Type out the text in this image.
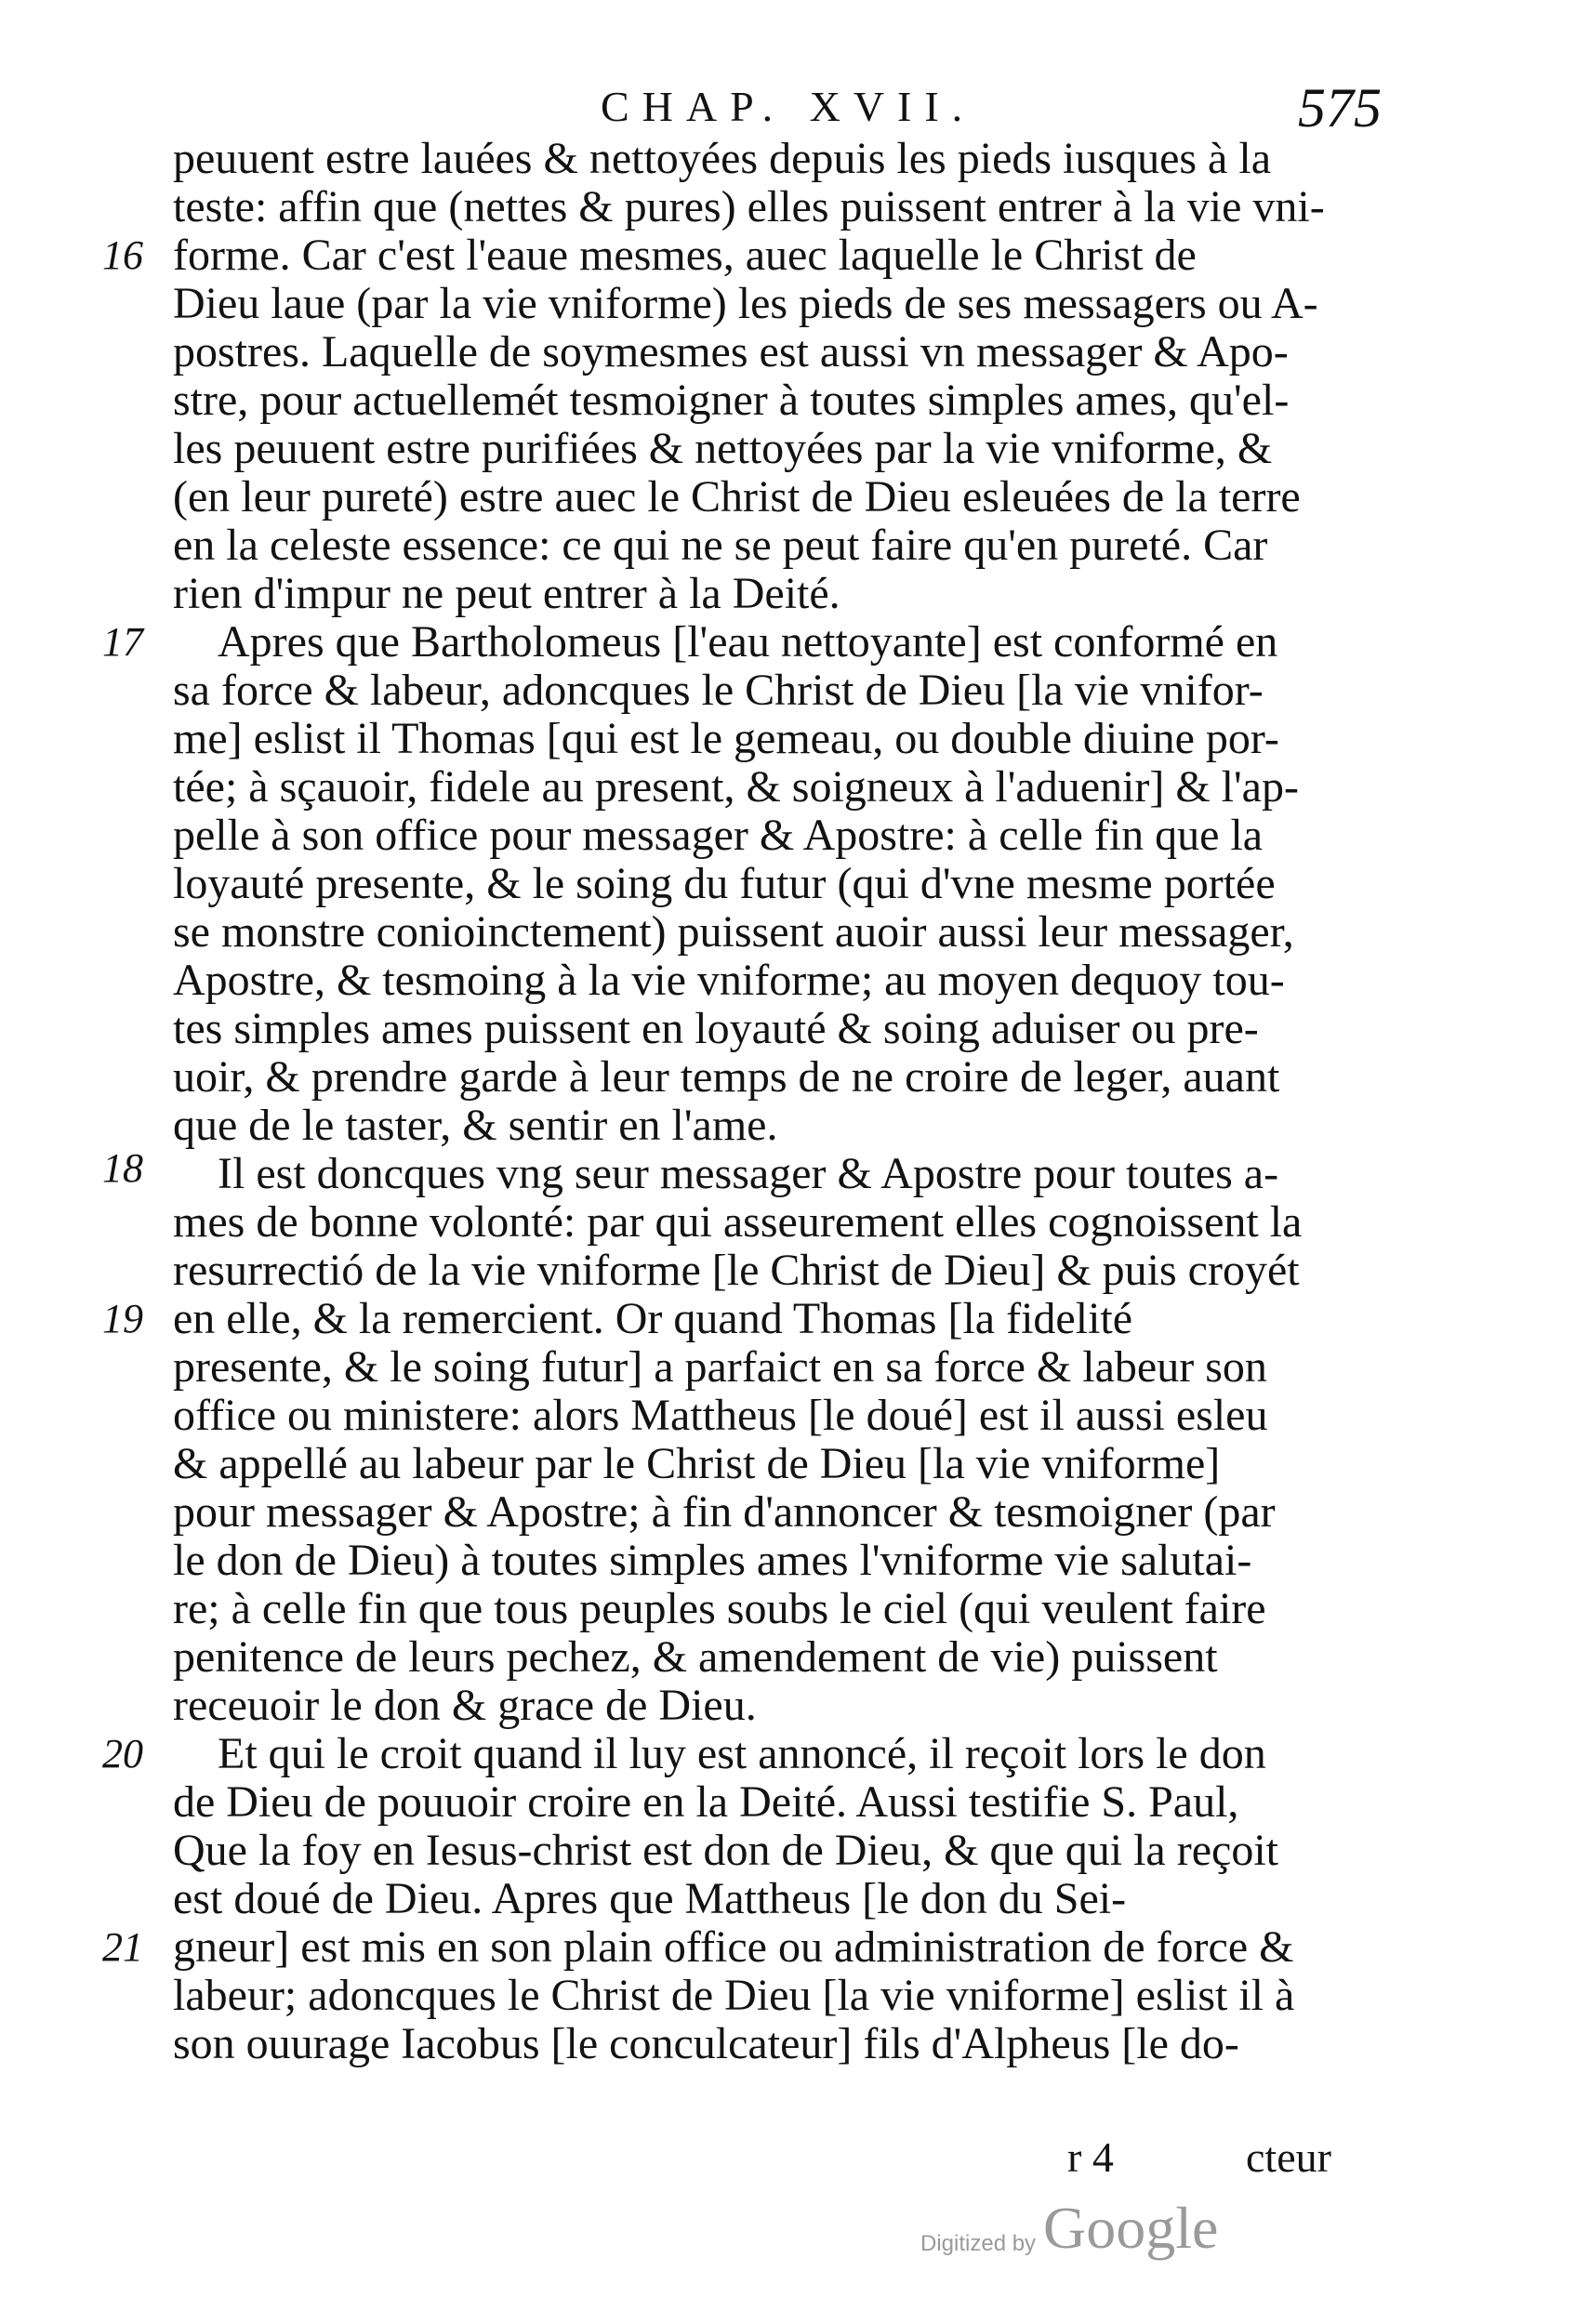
CHAP. XVII.	575
peuuent estre lauées & nettoyées depuis les pieds iusques à la
teste: affin que (nettes & pures) elles puissent entrer à la vie vni-
forme. Car c'est l'eaue mesmes, auec laquelle le Christ de
Dieu laue (par la vie vniforme) les pieds de ses messagers ou A-
postres. Laquelle de soymesmes est aussi vn messager & Apo-
stre, pour actuellemét tesmoigner à toutes simples ames, qu'el-
les peuuent estre purifiées & nettoyées par la vie vniforme, &
(en leur pureté) estre auec le Christ de Dieu esleuées de la terre
en la celeste essence: ce qui ne se peut faire qu'en pureté. Car
rien d'impur ne peut entrer à la Deité.
Apres que Bartholomeus [l'eau nettoyante] est conformé en
sa force & labeur, adoncques le Christ de Dieu [la vie vnifor-
me] eslist il Thomas [qui est le gemeau, ou double diuine por-
tée; à sçauoir, fidele au present, & soigneux à l'aduenir] & l'ap-
pelle à son office pour messager & Apostre: à celle fin que la
loyauté presente, & le soing du futur (qui d'vne mesme portée
se monstre conioinctement) puissent auoir aussi leur messager,
Apostre, & tesmoing à la vie vniforme; au moyen dequoy tou-
tes simples ames puissent en loyauté & soing aduiser ou pre-
uoir, & prendre garde à leur temps de ne croire de leger, auant
que de le taster, & sentir en l'ame.
Il est doncques vng seur messager & Apostre pour toutes a-
mes de bonne volonté: par qui asseurement elles cognoissent la
resurrectió de la vie vniforme [le Christ de Dieu] & puis croyét
en elle, & la remercient. Or quand Thomas [la fidelité
presente, & le soing futur] a parfaict en sa force & labeur son
office ou ministere: alors Mattheus [le doué] est il aussi esleu
& appellé au labeur par le Christ de Dieu [la vie vniforme]
pour messager & Apostre; à fin d'annoncer & tesmoigner (par
le don de Dieu) à toutes simples ames l'vniforme vie salutai-
re; à celle fin que tous peuples soubs le ciel (qui veulent faire
penitence de leurs pechez, & amendement de vie) puissent
receuoir le don & grace de Dieu.
Et qui le croit quand il luy est annoncé, il reçoit lors le don
de Dieu de pouuoir croire en la Deité. Aussi testifie S. Paul,
Que la foy en Iesus-christ est don de Dieu, & que qui la reçoit
est doué de Dieu. Apres que Mattheus [le don du Sei-
gneur] est mis en son plain office ou administration de force &
labeur; adoncques le Christ de Dieu [la vie vniforme] eslist il à
son ouurage Iacobus [le conculcateur] fils d'Alpheus [le do-
16
17
18
19
20
21
r 4	cteur
Digitized by Google
